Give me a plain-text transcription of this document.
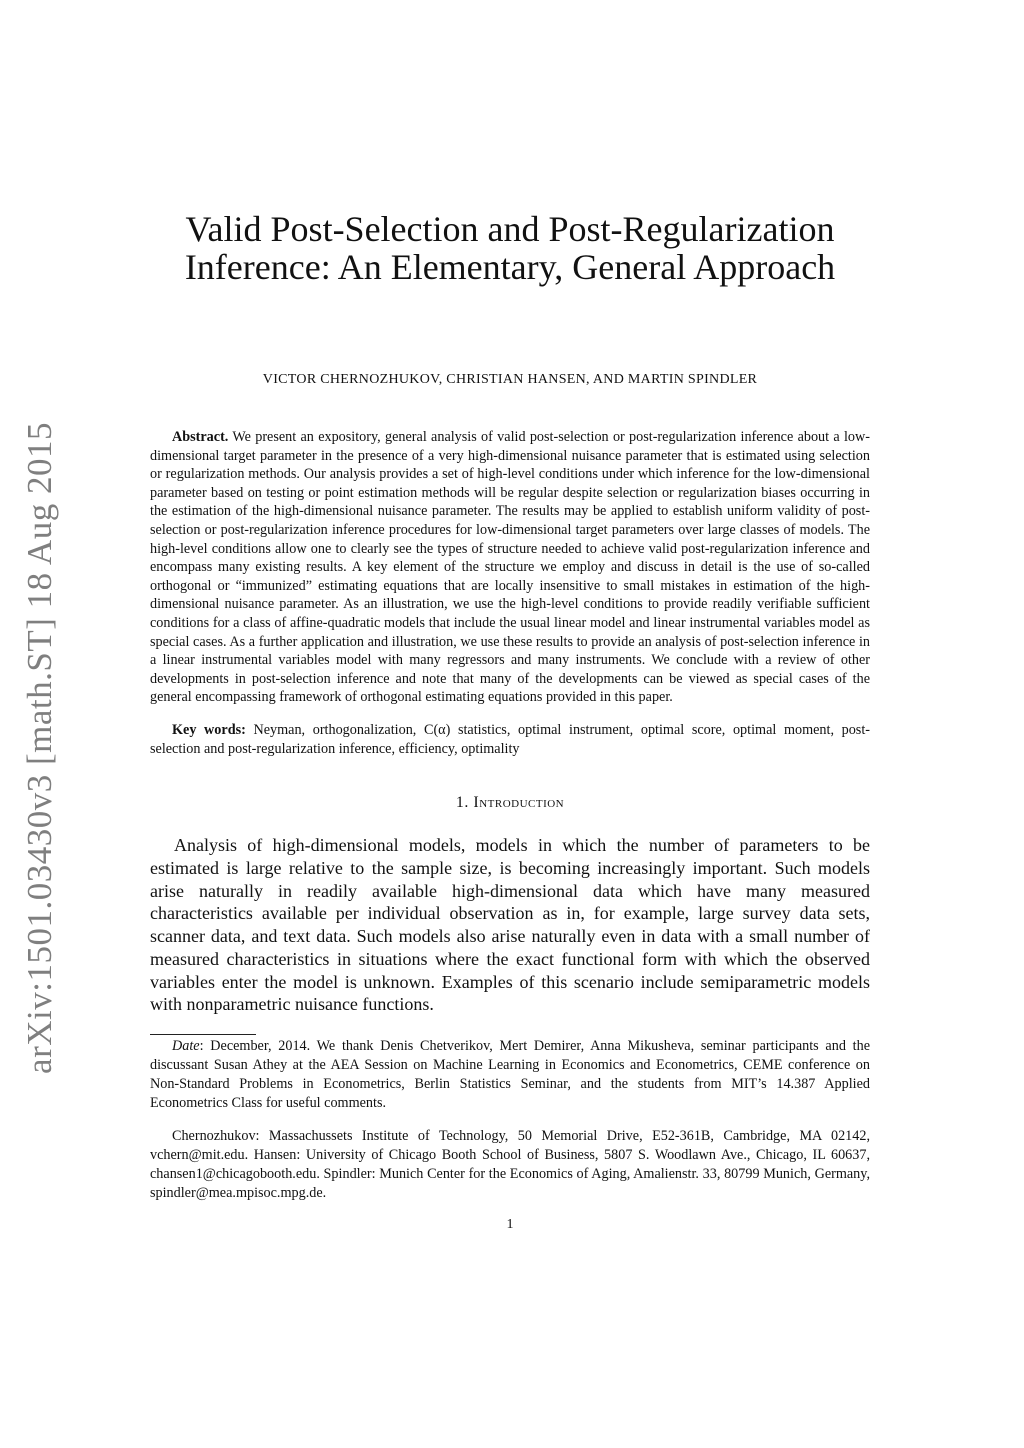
arXiv:1501.03430v3 [math.ST] 18 Aug 2015
Valid Post-Selection and Post-Regularization
Inference: An Elementary, General Approach
VICTOR CHERNOZHUKOV, CHRISTIAN HANSEN, AND MARTIN SPINDLER

Abstract. We present an expository, general analysis of valid post-selection or post-regularization inference about a low-dimensional target parameter in the presence of a very high-dimensional nuisance parameter that is estimated using selection or regularization methods. Our analysis provides a set of high-level conditions under which inference for the low-dimensional parameter based on testing or point estimation methods will be regular despite selection or regularization biases occurring in the estimation of the high-dimensional nuisance parameter. The results may be applied to establish uniform validity of post-selection or post-regularization inference procedures for low-dimensional target parameters over large classes of models. The high-level conditions allow one to clearly see the types of structure needed to achieve valid post-regularization inference and encompass many existing results. A key element of the structure we employ and discuss in detail is the use of so-called orthogonal or “immunized” estimating equations that are locally insensitive to small mistakes in estimation of the high-dimensional nuisance parameter. As an illustration, we use the high-level conditions to provide readily verifiable sufficient conditions for a class of affine-quadratic models that include the usual linear model and linear instrumental variables model as special cases. As a further application and illustration, we use these results to provide an analysis of post-selection inference in a linear instrumental variables model with many regressors and many instruments. We conclude with a review of other developments in post-selection inference and note that many of the developments can be viewed as special cases of the general encompassing framework of orthogonal estimating equations provided in this paper.

Key words: Neyman, orthogonalization, C(α) statistics, optimal instrument, optimal score, optimal moment, post-selection and post-regularization inference, efficiency, optimality

1. Introduction

Analysis of high-dimensional models, models in which the number of parameters to be estimated is large relative to the sample size, is becoming increasingly important. Such models arise naturally in readily available high-dimensional data which have many measured characteristics available per individual observation as in, for example, large survey data sets, scanner data, and text data. Such models also arise naturally even in data with a small number of measured characteristics in situations where the exact functional form with which the observed variables enter the model is unknown. Examples of this scenario include semiparametric models with nonparametric nuisance functions.

Date: December, 2014. We thank Denis Chetverikov, Mert Demirer, Anna Mikusheva, seminar participants and the discussant Susan Athey at the AEA Session on Machine Learning in Economics and Econometrics, CEME conference on Non-Standard Problems in Econometrics, Berlin Statistics Seminar, and the students from MIT’s 14.387 Applied Econometrics Class for useful comments.

Chernozhukov: Massachussets Institute of Technology, 50 Memorial Drive, E52-361B, Cambridge, MA 02142, vchern@mit.edu. Hansen: University of Chicago Booth School of Business, 5807 S. Woodlawn Ave., Chicago, IL 60637, chansen1@chicagobooth.edu. Spindler: Munich Center for the Economics of Aging, Amalienstr. 33, 80799 Munich, Germany, spindler@mea.mpisoc.mpg.de.

1
